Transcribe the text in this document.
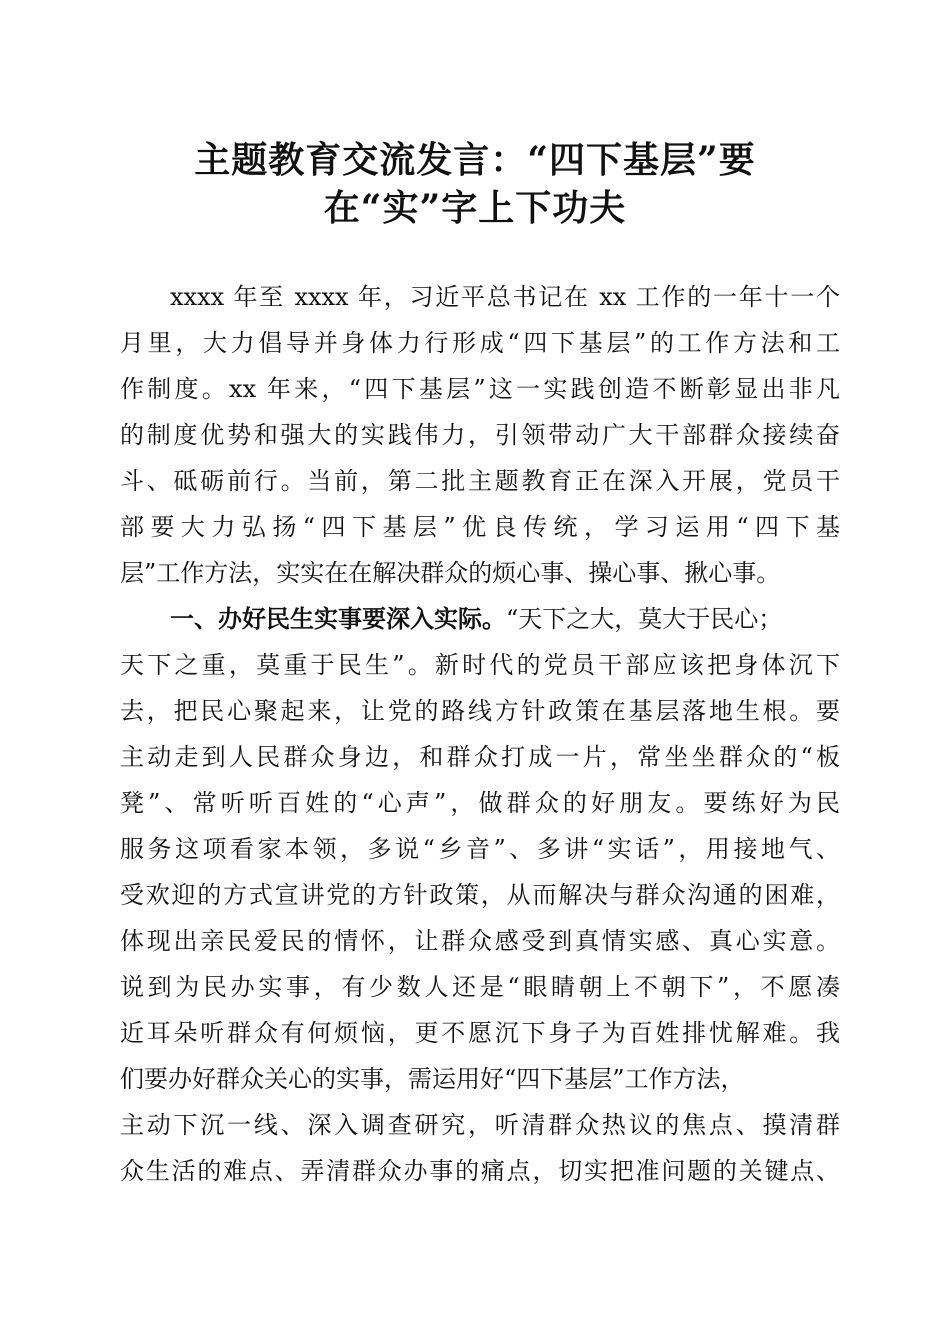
主题教育交流发言：“四下基层”要
在“实”字上下功夫
xxxx 年至 xxxx 年，习近平总书记在 xx 工作的一年十一个
月里，大力倡导并身体力行形成“四下基层”的工作方法和工
作制度。xx 年来，“四下基层”这一实践创造不断彰显出非凡
的制度优势和强大的实践伟力，引领带动广大干部群众接续奋
斗、砥砺前行。当前，第二批主题教育正在深入开展，党员干
部要大力弘扬“四下基层”优良传统，学习运用“四下基
层”工作方法，实实在在解决群众的烦心事、操心事、揪心事。
一、办好民生实事要深入实际。“天下之大，莫大于民心；
天下之重，莫重于民生”。新时代的党员干部应该把身体沉下
去，把民心聚起来，让党的路线方针政策在基层落地生根。要
主动走到人民群众身边，和群众打成一片，常坐坐群众的“板
凳”、常听听百姓的“心声”，做群众的好朋友。要练好为民
服务这项看家本领，多说“乡音”、多讲“实话”，用接地气、
受欢迎的方式宣讲党的方针政策，从而解决与群众沟通的困难，
体现出亲民爱民的情怀，让群众感受到真情实感、真心实意。
说到为民办实事，有少数人还是“眼睛朝上不朝下”，不愿凑
近耳朵听群众有何烦恼，更不愿沉下身子为百姓排忧解难。我
们要办好群众关心的实事，需运用好“四下基层”工作方法，
主动下沉一线、深入调查研究，听清群众热议的焦点、摸清群
众生活的难点、弄清群众办事的痛点，切实把准问题的关键点、
